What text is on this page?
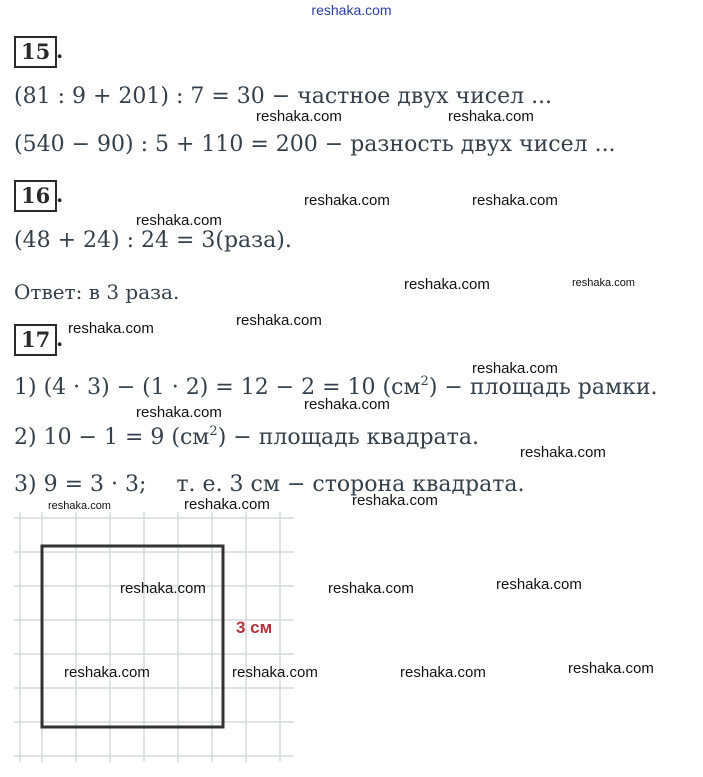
reshaka.com
15 .
(81 : 9 + 201) : 7 = 30 − частное двух чисел ...
(540 − 90) : 5 + 110 = 200 − разность двух чисел ...
16 .
(48 + 24) : 24 = 3(раза).
Ответ: в 3 раза.
17 .
1) (4 · 3) − (1 · 2) = 12 − 2 = 10 $(см^2)$ − площадь рамки.
2) 10 − 1 = 9 $(см^2)$ − площадь квадрата.
3) 9 = 3 · 3; т. е. 3 см − сторона квадрата.
3 см
reshaka.com	reshaka.com
reshaka.com	reshaka.com
reshaka.com
reshaka.com	reshaka.com
reshaka.com
reshaka.com
reshaka.com
reshaka.com
reshaka.com
reshaka.com
reshaka.com
reshaka.com
reshaka.com
reshaka.com
reshaka.com	reshaka.com
reshaka.com
reshaka.com	reshaka.com	reshaka.com
